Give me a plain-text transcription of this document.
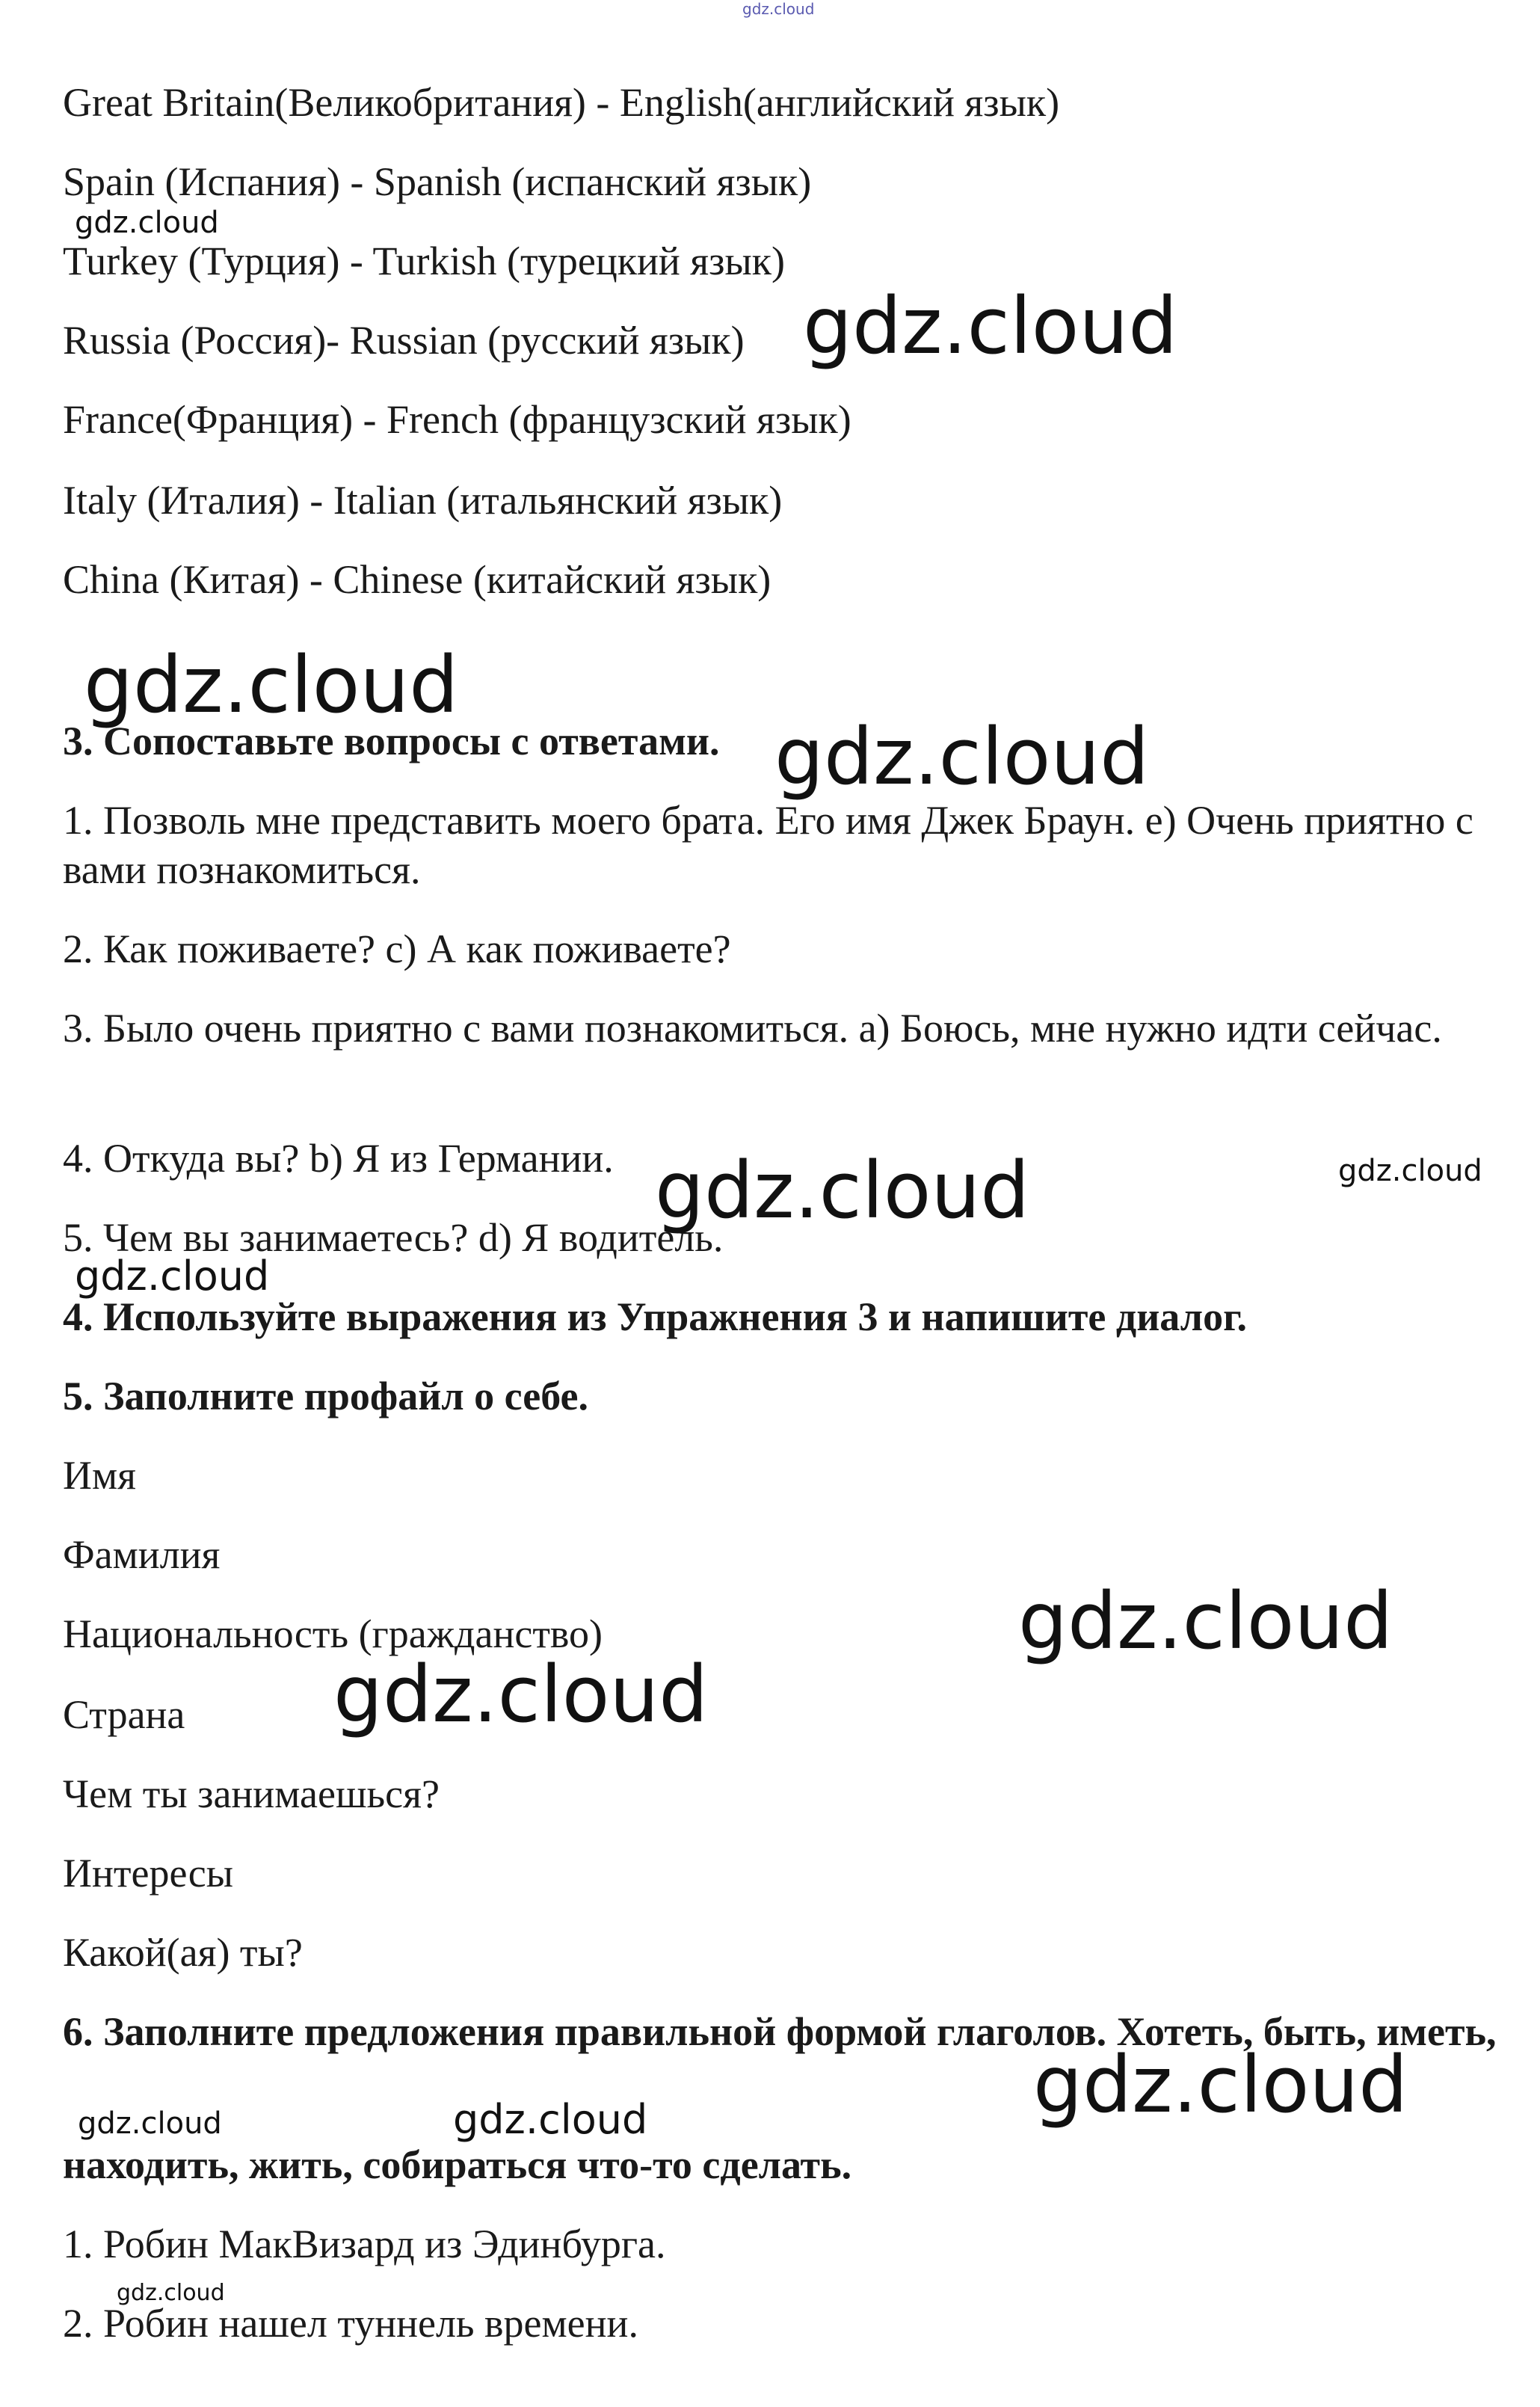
gdz.cloud
Great Britain(Великобритания) - English(английский язык)
Spain (Испания) - Spanish (испанский язык)
Turkey (Турция) - Turkish (турецкий язык)
Russia (Россия)- Russian (русский язык)
France(Франция) - French (французский язык)
Italy (Италия) - Italian (итальянский язык)
China (Китая) - Chinese (китайский язык)
3. Сопоставьте вопросы с ответами.
1. Позволь мне представить моего брата. Его имя Джек Браун. e) Очень приятно с вами познакомиться.
2. Как поживаете? c) А как поживаете?
3. Было очень приятно с вами познакомиться. a) Боюсь, мне нужно идти сейчас.
4. Откуда вы? b) Я из Германии.
5. Чем вы занимаетесь? d) Я водитель.
4. Используйте выражения из Упражнения 3 и напишите диалог.
5. Заполните профайл о себе.
Имя
Фамилия
Национальность (гражданство)
Страна
Чем ты занимаешься?
Интересы
Какой(ая) ты?
6. Заполните предложения правильной формой глаголов. Хотеть, быть, иметь,
находить, жить, собираться что-то сделать.
1. Робин МакВизард из Эдинбурга.
2. Робин нашел туннель времени.
gdz.cloud
gdz.cloud
gdz.cloud
gdz.cloud
gdz.cloud	gdz.cloud
gdz.cloud
gdz.cloud
gdz.cloud
gdz.cloud
gdz.cloud
gdz.cloud
gdz.cloud
